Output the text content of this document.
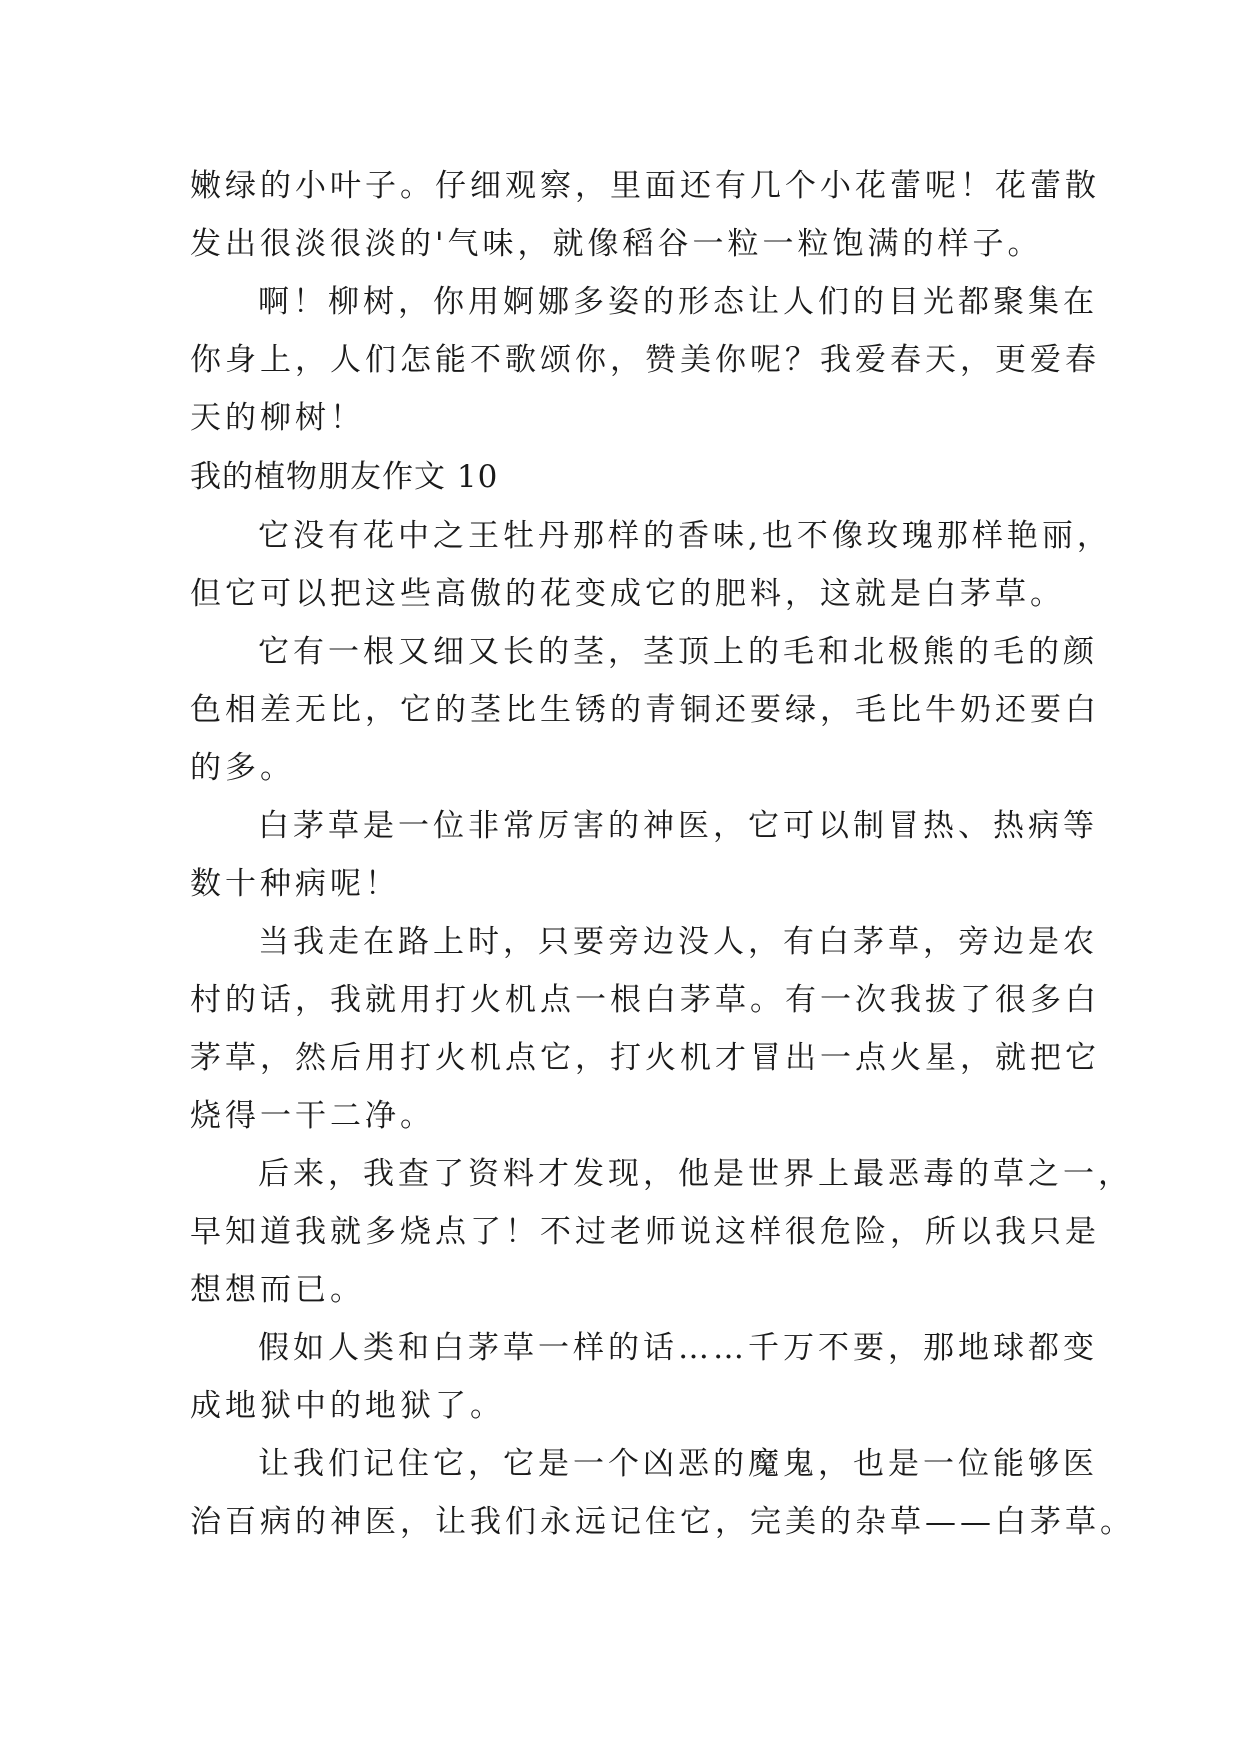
嫩绿的小叶子。仔细观察，里面还有几个小花蕾呢！花蕾散
发出很淡很淡的'气味，就像稻谷一粒一粒饱满的样子。
啊！柳树，你用婀娜多姿的形态让人们的目光都聚集在
你身上，人们怎能不歌颂你，赞美你呢？我爱春天，更爱春
天的柳树！
我的植物朋友作文 10
它没有花中之王牡丹那样的香味,也不像玫瑰那样艳丽，
但它可以把这些高傲的花变成它的肥料，这就是白茅草。
它有一根又细又长的茎，茎顶上的毛和北极熊的毛的颜
色相差无比，它的茎比生锈的青铜还要绿，毛比牛奶还要白
的多。
白茅草是一位非常厉害的神医，它可以制冒热、热病等
数十种病呢！
当我走在路上时，只要旁边没人，有白茅草，旁边是农
村的话，我就用打火机点一根白茅草。有一次我拔了很多白
茅草，然后用打火机点它，打火机才冒出一点火星，就把它
烧得一干二净。
后来，我查了资料才发现，他是世界上最恶毒的草之一，
早知道我就多烧点了！不过老师说这样很危险，所以我只是
想想而已。
假如人类和白茅草一样的话……千万不要，那地球都变
成地狱中的地狱了。
让我们记住它，它是一个凶恶的魔鬼，也是一位能够医
治百病的神医，让我们永远记住它，完美的杂草——白茅草。
